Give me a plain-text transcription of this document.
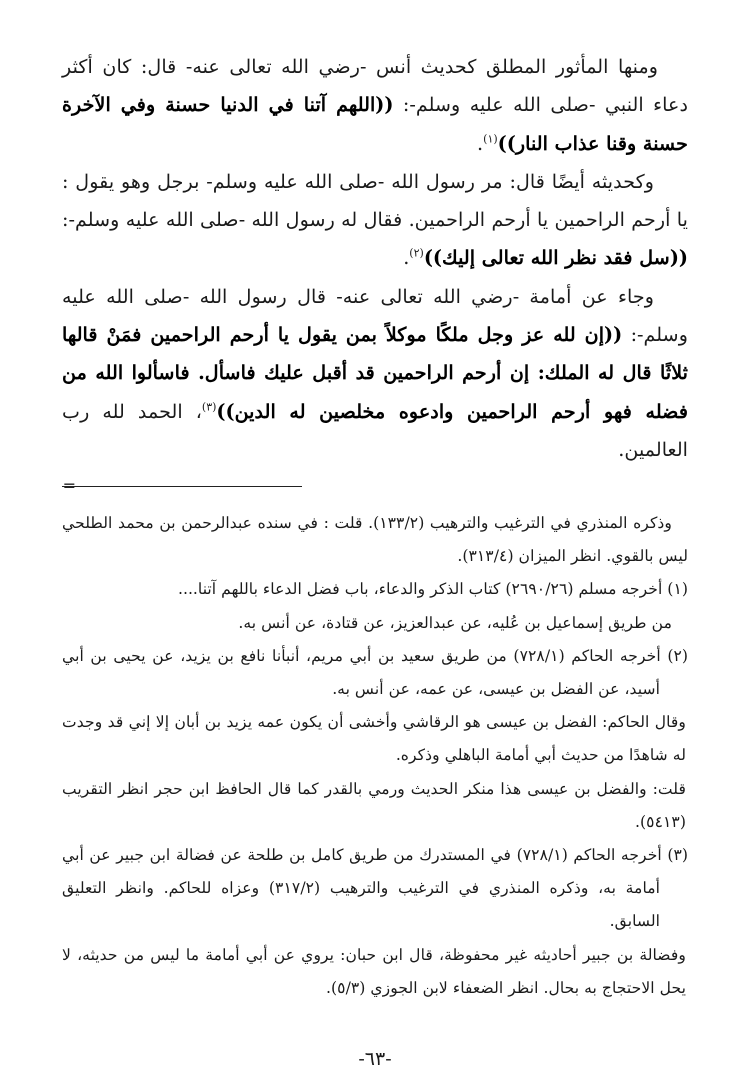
ومنها المأثور المطلق كحديث أنس -رضي الله تعالى عنه- قال: كان أكثر دعاء النبي -صلى الله عليه وسلم-: ((اللهم آتنا في الدنيا حسنة وفي الآخرة حسنة وقنا عذاب النار))$^{(١)}$.

وكحديثه أيضًا قال: مر رسول الله -صلى الله عليه وسلم- برجل وهو يقول : يا أرحم الراحمين يا أرحم الراحمين. فقال له رسول الله -صلى الله عليه وسلم-: ((سل فقد نظر الله تعالى إليك))$^{(٢)}$.

وجاء عن أمامة -رضي الله تعالى عنه- قال رسول الله -صلى الله عليه وسلم-: ((إن لله عز وجل ملكًا موكلاً بمن يقول يا أرحم الراحمين فمَنْ قالها ثلاثًا قال له الملك: إن أرحم الراحمين قد أقبل عليك فاسأل. فاسألوا الله من فضله فهو أرحم الراحمين وادعوه مخلصين له الدين))$^{(٣)}$، الحمد لله رب العالمين.

=

وذكره المنذري في الترغيب والترهيب (١٣٣/٢). قلت : في سنده عبدالرحمن بن محمد الطلحي ليس بالقوي. انظر الميزان (٣١٣/٤).

(١) أخرجه مسلم (٢٦٩٠/٢٦) كتاب الذكر والدعاء، باب فضل الدعاء باللهم آتنا....

من طريق إسماعيل بن عُليه، عن عبدالعزيز، عن قتادة، عن أنس به.

(٢) أخرجه الحاكم (٧٢٨/١) من طريق سعيد بن أبي مريم، أنبأنا نافع بن يزيد، عن يحيى بن أبي أسيد، عن الفضل بن عيسى، عن عمه، عن أنس به.

وقال الحاكم: الفضل بن عيسى هو الرقاشي وأخشى أن يكون عمه يزيد بن أبان إلا إني قد وجدت له شاهدًا من حديث أبي أمامة الباهلي وذكره.

قلت: والفضل بن عيسى هذا منكر الحديث ورمي بالقدر كما قال الحافظ ابن حجر انظر التقريب (٥٤١٣).

(٣) أخرجه الحاكم (٧٢٨/١) في المستدرك من طريق كامل بن طلحة عن فضالة ابن جبير عن أبي أمامة به، وذكره المنذري في الترغيب والترهيب (٣١٧/٢) وعزاه للحاكم. وانظر التعليق السابق.

وفضالة بن جبير أحاديثه غير محفوظة، قال ابن حبان: يروي عن أبي أمامة ما ليس من حديثه، لا يحل الاحتجاج به بحال. انظر الضعفاء لابن الجوزي (٥/٣).

-٦٣-
